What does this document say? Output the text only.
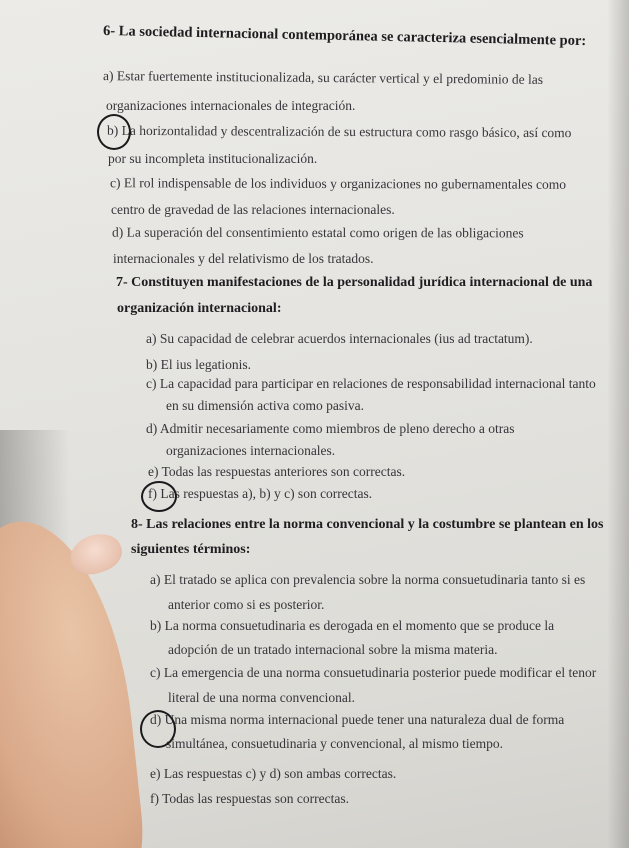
6- La sociedad internacional contemporánea se caracteriza esencialmente por:
a) Estar fuertemente institucionalizada, su carácter vertical y el predominio de las
organizaciones internacionales de integración.
b) La horizontalidad y descentralización de su estructura como rasgo básico, así como
por su incompleta institucionalización.
c) El rol indispensable de los individuos y organizaciones no gubernamentales como
centro de gravedad de las relaciones internacionales.
d) La superación del consentimiento estatal como origen de las obligaciones
internacionales y del relativismo de los tratados.
7- Constituyen manifestaciones de la personalidad jurídica internacional de una
organización internacional:
a) Su capacidad de celebrar acuerdos internacionales (ius ad tractatum).
b) El ius legationis.
c) La capacidad para participar en relaciones de responsabilidad internacional tanto
en su dimensión activa como pasiva.
d) Admitir necesariamente como miembros de pleno derecho a otras
organizaciones internacionales.
e) Todas las respuestas anteriores son correctas.
f) Las respuestas a), b) y c) son correctas.
8- Las relaciones entre la norma convencional y la costumbre se plantean en los
siguientes términos:
a) El tratado se aplica con prevalencia sobre la norma consuetudinaria tanto si es
anterior como si es posterior.
b) La norma consuetudinaria es derogada en el momento que se produce la
adopción de un tratado internacional sobre la misma materia.
c) La emergencia de una norma consuetudinaria posterior puede modificar el tenor
literal de una norma convencional.
d) Una misma norma internacional puede tener una naturaleza dual de forma
simultánea, consuetudinaria y convencional, al mismo tiempo.
e) Las respuestas c) y d) son ambas correctas.
f) Todas las respuestas son correctas.
